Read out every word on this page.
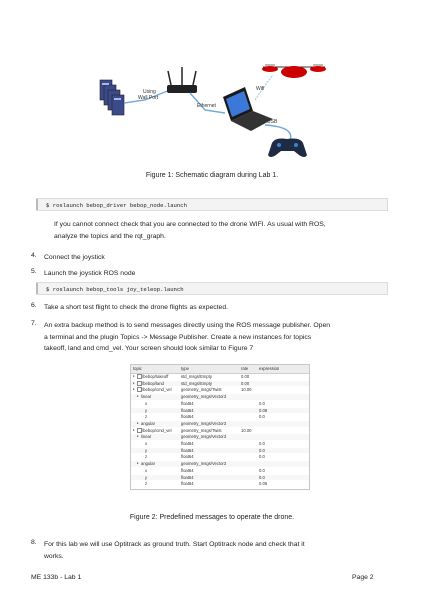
Using
Wall Port
Wifi
Ethernet
USB
Figure 1: Schematic diagram during Lab 1.
$ roslaunch bebop_driver bebop_node.launch
If you cannot connect check that you are connected to the drone WIFI. As usual with ROS,
analyze the topics and the rqt_graph.
4.	Connect the joystick
5.	Launch the joystick ROS node
$ roslaunch bebop_tools joy_teleop.launch
6.	Take a short test flight to check the drone flights as expected.
7.	An extra backup method is to send messages directly using the ROS message publisher. Open
a terminal and the plugin Topics -> Message Publisher. Create a new instances for topics
takeoff, land and cmd_vel. Your screen should look similar to Figure 7
topic	type	rate	expression
▸ /bebop/takeoff	std_msgs/Empty	0.00
▸ /bebop/land	std_msgs/Empty	0.00
▸ /bebop/cmd_vel geometry_msgs/Twist	10.00
▸ linear	geometry_msgs/Vector3
x	float64	0.0
y	float64	0.08
z	float64	0.0
▸ angular	geometry_msgs/Vector3
▸ /bebop/cmd_vel geometry_msgs/Twist	10.00
▸ linear	geometry_msgs/Vector3
x	float64	0.0
y	float64	0.0
z	float64	0.0
▸ angular	geometry_msgs/Vector3
x	float64	0.0
y	float64	0.0
z	float64	0.05
Figure 2: Predefined messages to operate the drone.
8.	For this lab we will use Optitrack as ground truth. Start Optitrack node and check that it
works.
ME 133b - Lab 1	Page 2
